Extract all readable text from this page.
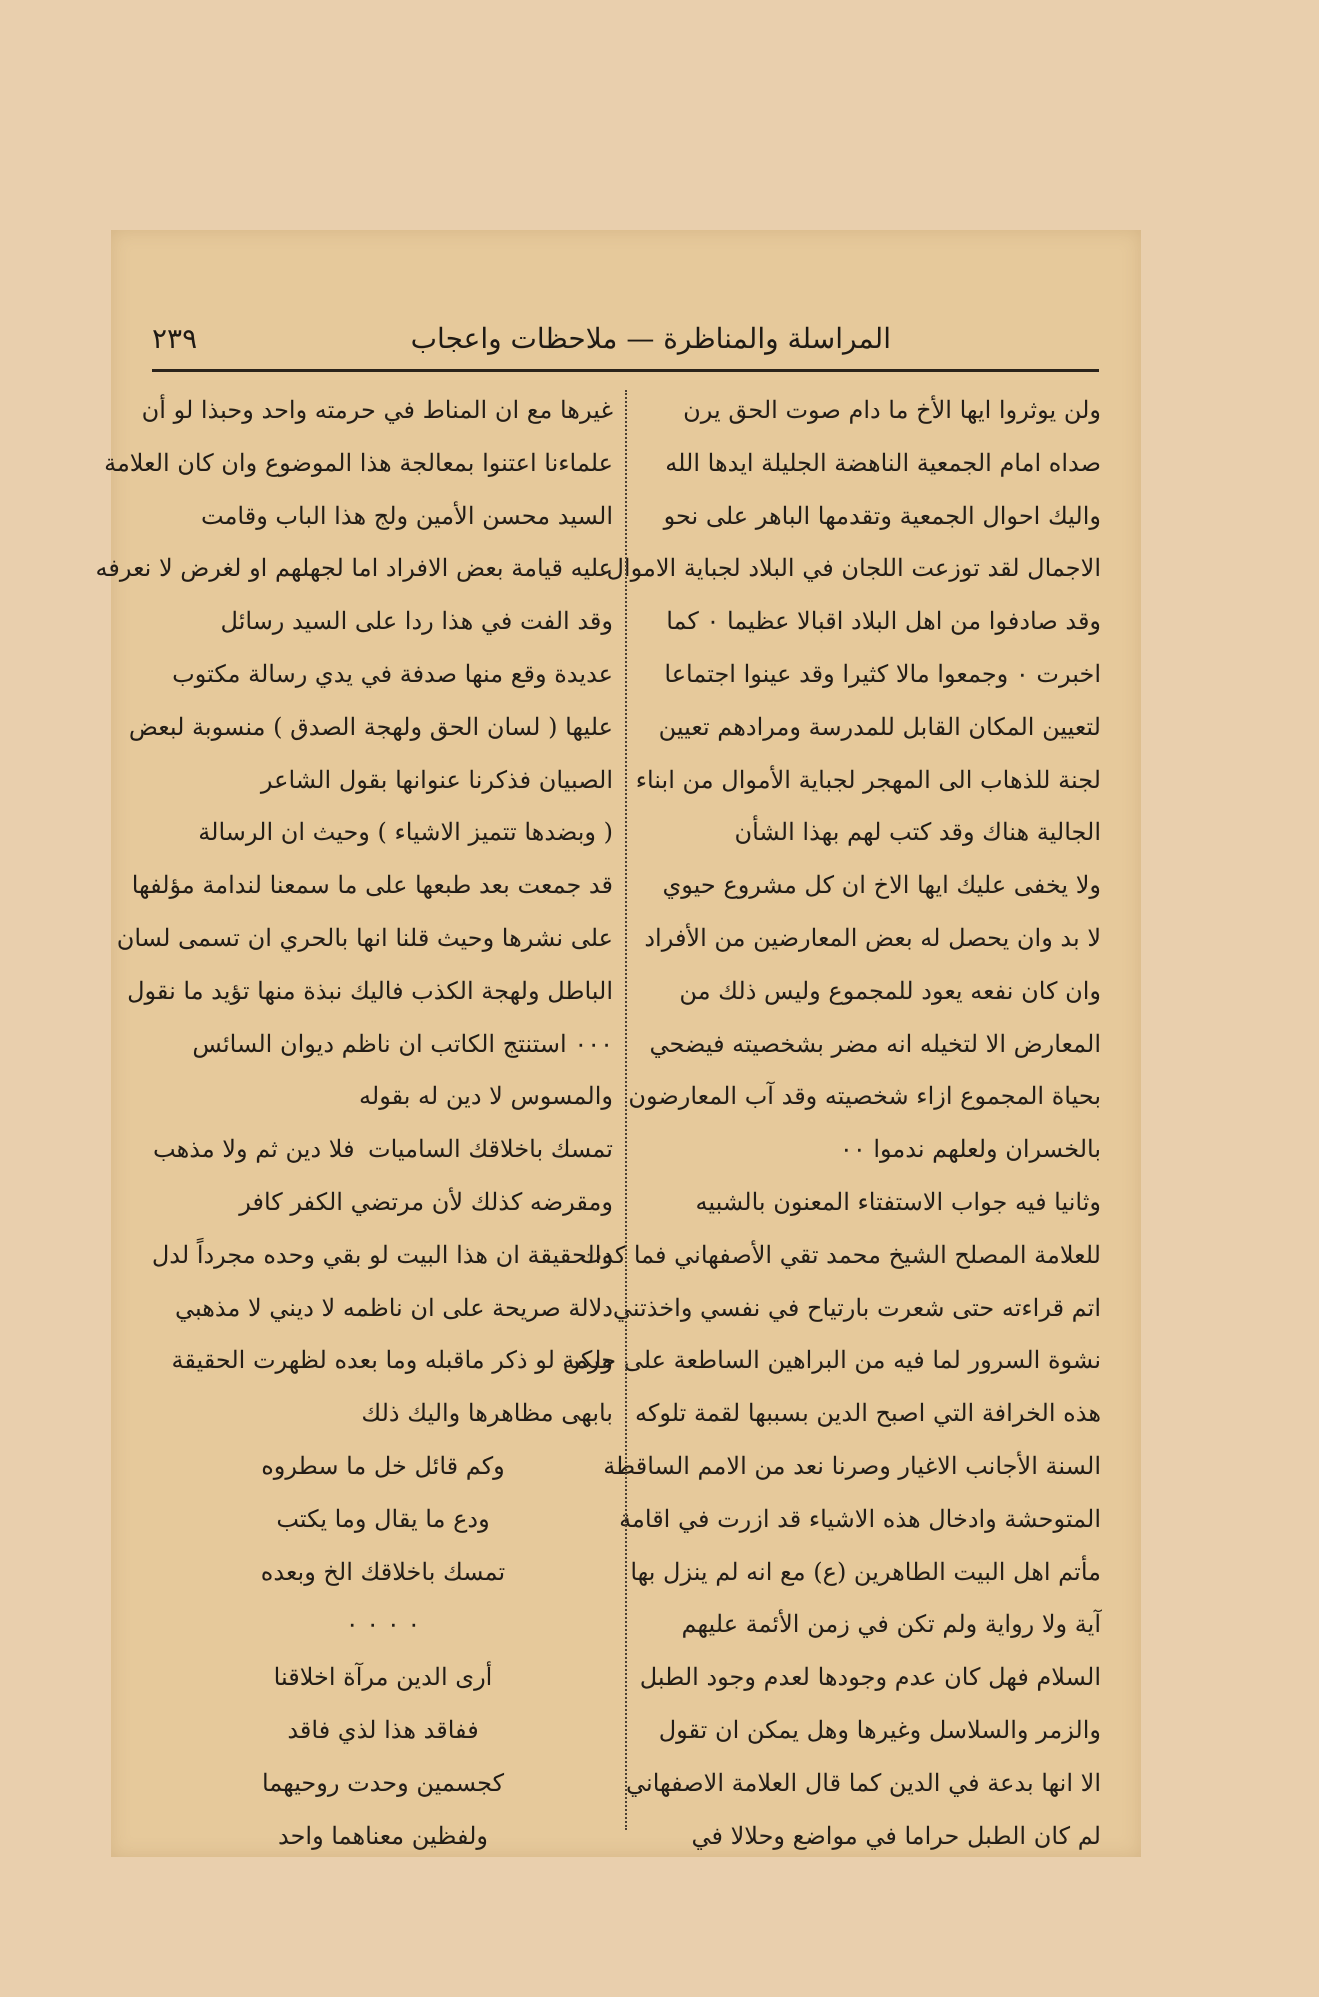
المراسلة والمناظرة — ملاحظات واعجاب
٢٣٩
ولن يوثروا ايها الأخ ما دام صوت الحق يرن
صداه امام الجمعية الناهضة الجليلة ايدها الله
واليك احوال الجمعية وتقدمها الباهر على نحو
الاجمال لقد توزعت اللجان في البلاد لجباية الاموال
وقد صادفوا من اهل البلاد اقبالا عظيما ٠ كما
اخبرت ٠ وجمعوا مالا كثيرا وقد عينوا اجتماعا
لتعيين المكان القابل للمدرسة ومرادهم تعيين
لجنة للذهاب الى المهجر لجباية الأموال من ابناء
الجالية هناك وقد كتب لهم بهذا الشأن
ولا يخفى عليك ايها الاخ ان كل مشروع حيوي
لا بد وان يحصل له بعض المعارضين من الأفراد
وان كان نفعه يعود للمجموع وليس ذلك من
المعارض الا لتخيله انه مضر بشخصيته فيضحي
بحياة المجموع ازاء شخصيته وقد آب المعارضون
بالخسران ولعلهم ندموا ٠٠
وثانيا فيه جواب الاستفتاء المعنون بالشبيه
للعلامة المصلح الشيخ محمد تقي الأصفهاني فما كدت
اتم قراءته حتى شعرت بارتياح في نفسي واخذتني
نشوة السرور لما فيه من البراهين الساطعة على حرمة
هذه الخرافة التي اصبح الدين بسببها لقمة تلوكه
السنة الأجانب الاغيار وصرنا نعد من الامم الساقطة
المتوحشة وادخال هذه الاشياء قد ازرت في اقامة
مأتم اهل البيت الطاهرين (ع) مع انه لم ينزل بها
آية ولا رواية ولم تكن في زمن الأئمة عليهم
السلام فهل كان عدم وجودها لعدم وجود الطبل
والزمر والسلاسل وغيرها وهل يمكن ان تقول
الا انها بدعة في الدين كما قال العلامة الاصفهاني
لم كان الطبل حراما في مواضع وحلالا في
غيرها مع ان المناط في حرمته واحد وحبذا لو أن
علماءنا اعتنوا بمعالجة هذا الموضوع وان كان العلامة
السيد محسن الأمين ولج هذا الباب وقامت
عليه قيامة بعض الافراد اما لجهلهم او لغرض لا نعرفه
وقد الفت في هذا ردا على السيد رسائل
عديدة وقع منها صدفة في يدي رسالة مكتوب
عليها ( لسان الحق ولهجة الصدق ) منسوبة لبعض
الصبيان فذكرنا عنوانها بقول الشاعر
( وبضدها تتميز الاشياء ) وحيث ان الرسالة
قد جمعت بعد طبعها على ما سمعنا لندامة مؤلفها
على نشرها وحيث قلنا انها بالحري ان تسمى لسان
الباطل ولهجة الكذب فاليك نبذة منها تؤيد ما نقول
٠٠٠ استنتج الكاتب ان ناظم ديوان السائس
والمسوس لا دين له بقوله
تمسك باخلاقك الساميات
فلا دين ثم ولا مذهب
ومقرضه كذلك لأن مرتضي الكفر كافر
والحقيقة ان هذا البيت لو بقي وحده مجرداً لدل
دلالة صريحة على ان ناظمه لا ديني لا مذهبي
ولكن لو ذكر ماقبله وما بعده لظهرت الحقيقة
بابهى مظاهرها واليك ذلك
وكم قائل خل ما سطروه
ودع ما يقال وما يكتب
تمسك باخلاقك الخ وبعده
٠ ٠ ٠ ٠
أرى الدين مرآة اخلاقنا
ففاقد هذا لذي فاقد
كجسمين وحدت روحيهما
ولفظين معناهما واحد
